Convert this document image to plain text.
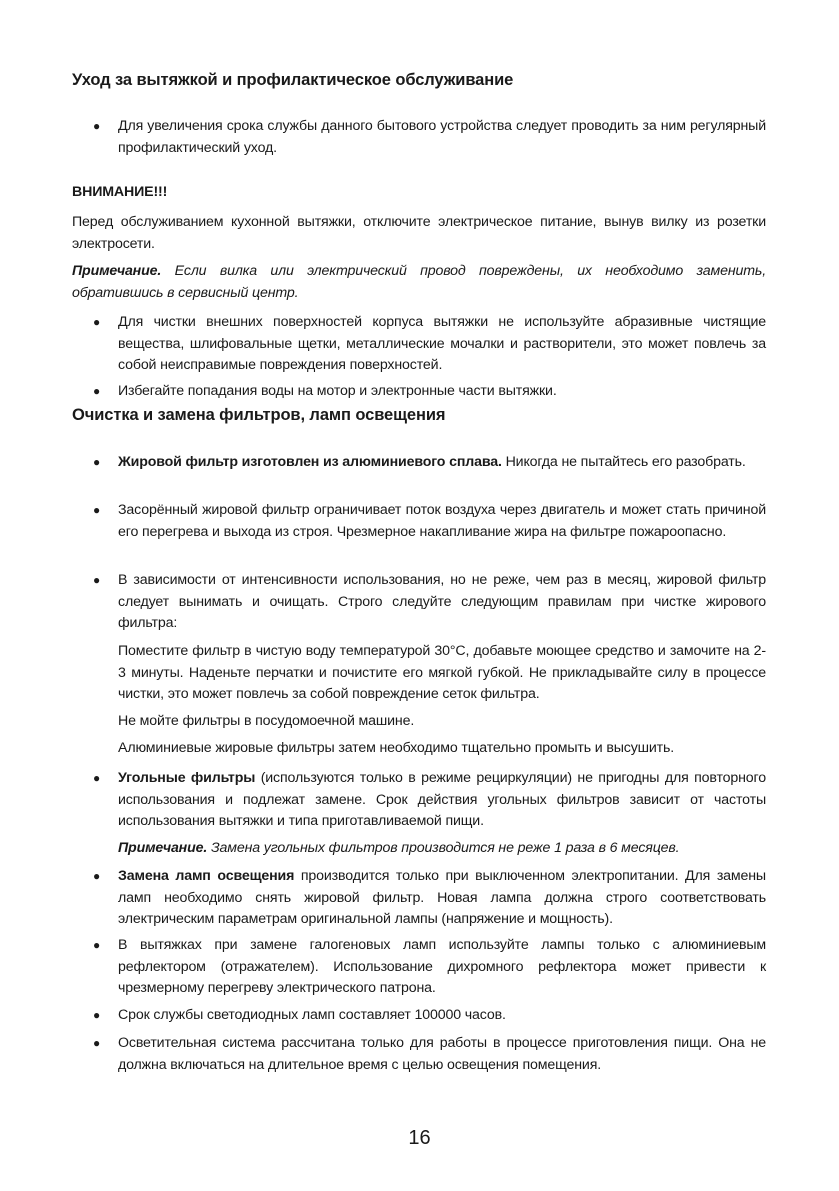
Уход за вытяжкой и профилактическое обслуживание
● Для увеличения срока службы данного бытового устройства следует проводить за ним регулярный профилактический уход.

ВНИМАНИЕ!!!

Перед обслуживанием кухонной вытяжки, отключите электрическое питание, вынув вилку из розетки электросети.

Примечание. Если вилка или электрический провод повреждены, их необходимо заменить, обратившись в сервисный центр.

● Для чистки внешних поверхностей корпуса вытяжки не используйте абразивные чистящие вещества, шлифовальные щетки, металлические мочалки и растворители, это может повлечь за собой неисправимые повреждения поверхностей.

● Избегайте попадания воды на мотор и электронные части вытяжки.

Очистка и замена фильтров, ламп освещения
● Жировой фильтр изготовлен из алюминиевого сплава. Никогда не пытайтесь его разобрать.

● Засорённый жировой фильтр ограничивает поток воздуха через двигатель и может стать причиной его перегрева и выхода из строя. Чрезмерное накапливание жира на фильтре пожароопасно.

● В зависимости от интенсивности использования, но не реже, чем раз в месяц, жировой фильтр следует вынимать и очищать. Строго следуйте следующим правилам при чистке жирового фильтра:

Поместите фильтр в чистую воду температурой 30°С, добавьте моющее средство и замочите на 2-3 минуты. Наденьте перчатки и почистите его мягкой губкой. Не прикладывайте силу в процессе чистки, это может повлечь за собой повреждение сеток фильтра.

Не мойте фильтры в посудомоечной машине.

Алюминиевые жировые фильтры затем необходимо тщательно промыть и высушить.

● Угольные фильтры (используются только в режиме рециркуляции) не пригодны для повторного использования и подлежат замене. Срок действия угольных фильтров зависит от частоты использования вытяжки и типа приготавливаемой пищи.

Примечание. Замена угольных фильтров производится не реже 1 раза в 6 месяцев.

● Замена ламп освещения производится только при выключенном электропитании. Для замены ламп необходимо снять жировой фильтр. Новая лампа должна строго соответствовать электрическим параметрам оригинальной лампы (напряжение и мощность).

● В вытяжках при замене галогеновых ламп используйте лампы только с алюминиевым рефлектором (отражателем). Использование дихромного рефлектора может привести к чрезмерному перегреву электрического патрона.

● Срок службы светодиодных ламп составляет 100000 часов.

● Осветительная система рассчитана только для работы в процессе приготовления пищи. Она не должна включаться на длительное время с целью освещения помещения.

16
